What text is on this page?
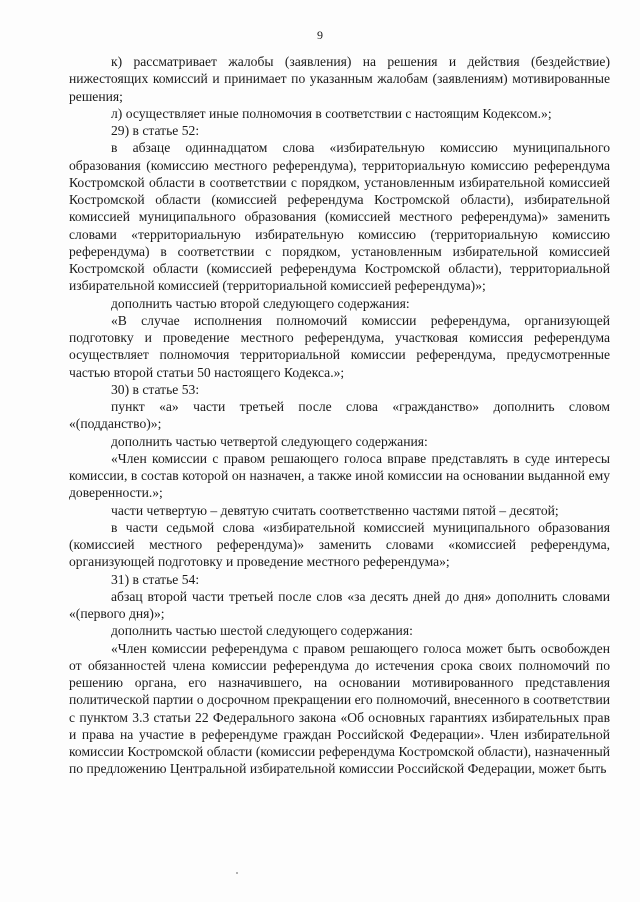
9

к) рассматривает жалобы (заявления) на решения и действия (бездействие) нижестоящих комиссий и принимает по указанным жалобам (заявлениям) мотивированные решения;

л) осуществляет иные полномочия в соответствии с настоящим Кодексом.»;

29) в статье 52:

в абзаце одиннадцатом слова «избирательную комиссию муниципального образования (комиссию местного референдума), территориальную комиссию референдума Костромской области в соответствии с порядком, установленным избирательной комиссией Костромской области (комиссией референдума Костромской области), избирательной комиссией муниципального образования (комиссией местного референдума)» заменить словами «территориальную избирательную комиссию (территориальную комиссию референдума) в соответствии с порядком, установленным избирательной комиссией Костромской области (комиссией референдума Костромской области), территориальной избирательной комиссией (территориальной комиссией референдума)»;

дополнить частью второй следующего содержания:

«В случае исполнения полномочий комиссии референдума, организующей подготовку и проведение местного референдума, участковая комиссия референдума осуществляет полномочия территориальной комиссии референдума, предусмотренные частью второй статьи 50 настоящего Кодекса.»;

30) в статье 53:

пункт «а» части третьей после слова «гражданство» дополнить словом «(подданство)»;

дополнить частью четвертой следующего содержания:

«Член комиссии с правом решающего голоса вправе представлять в суде интересы комиссии, в состав которой он назначен, а также иной комиссии на основании выданной ему доверенности.»;

части четвертую – девятую считать соответственно частями пятой – десятой;

в части седьмой слова «избирательной комиссией муниципального образования (комиссией местного референдума)» заменить словами «комиссией референдума, организующей подготовку и проведение местного референдума»;

31) в статье 54:

абзац второй части третьей после слов «за десять дней до дня» дополнить словами «(первого дня)»;

дополнить частью шестой следующего содержания:

«Член комиссии референдума с правом решающего голоса может быть освобожден от обязанностей члена комиссии референдума до истечения срока своих полномочий по решению органа, его назначившего, на основании мотивированного представления политической партии о досрочном прекращении его полномочий, внесенного в соответствии с пунктом 3.3 статьи 22 Федерального закона «Об основных гарантиях избирательных прав и права на участие в референдуме граждан Российской Федерации». Член избирательной комиссии Костромской области (комиссии референдума Костромской области), назначенный по предложению Центральной избирательной комиссии Российской Федерации, может быть
